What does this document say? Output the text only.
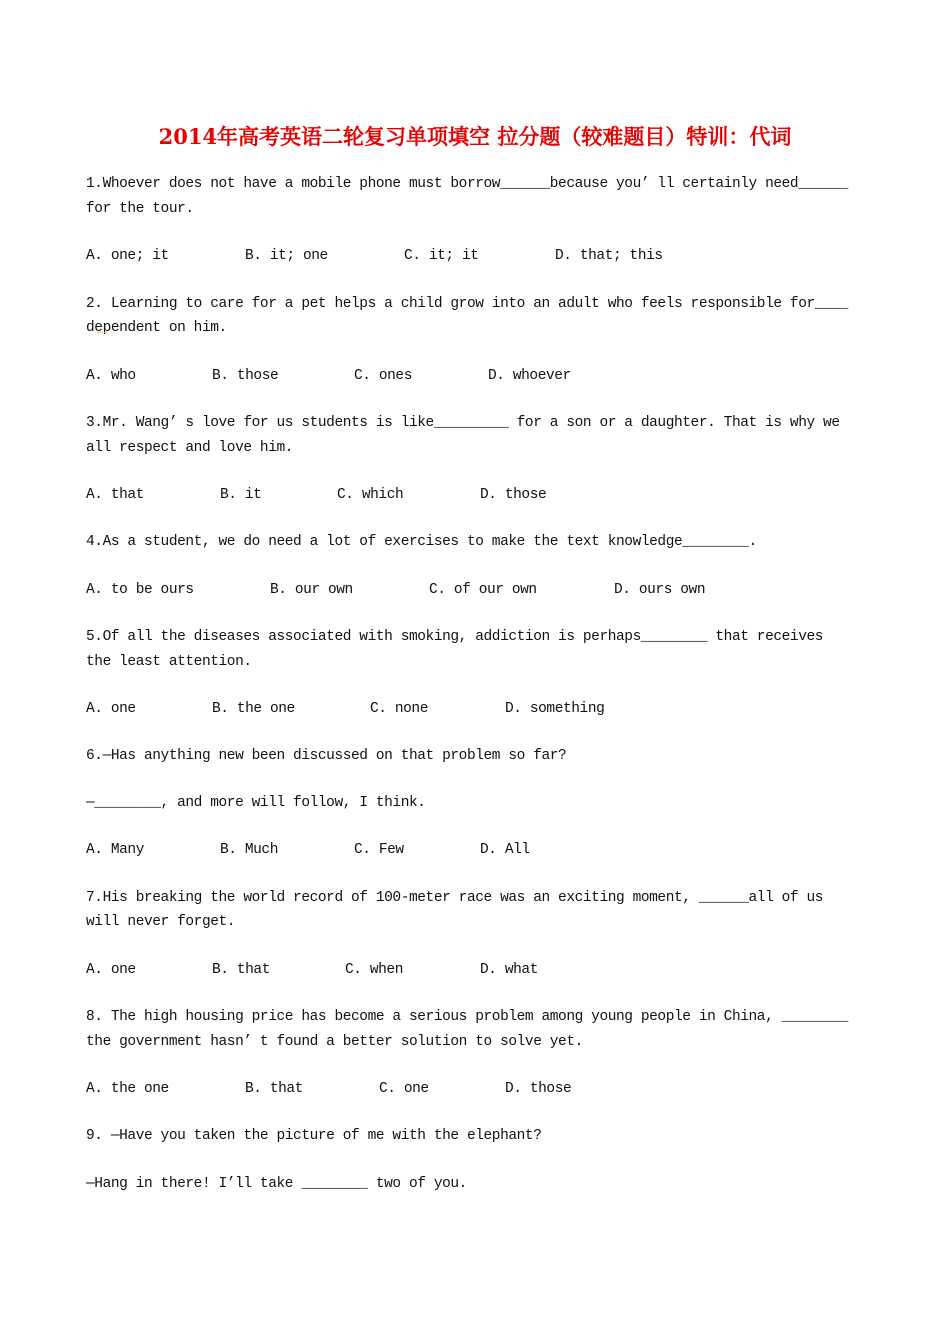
2014年高考英语二轮复习单项填空 拉分题（较难题目）特训：代词
1.Whoever does not have a mobile phone must borrow______because you’ ll certainly need______
for the tour.
A. one; it	B. it; one	C. it; it	D. that; this
2. Learning to care for a pet helps a child grow into an adult who feels responsible for____
dependent on him.
A. who	B. those	C. ones	D. whoever
3.Mr. Wang’ s love for us students is like_________ for a son or a daughter. That is why we
all respect and love him.
A. that	B. it	C. which	D. those
4.As a student, we do need a lot of exercises to make the text knowledge________.
A. to be ours	B. our own	C. of our own	D. ours own
5.Of all the diseases associated with smoking, addiction is perhaps________ that receives
the least attention.
A. one	B. the one	C. none	D. something
6.—Has anything new been discussed on that problem so far?
—________, and more will follow, I think.
A. Many	B. Much	C. Few	D. All
7.His breaking the world record of 100-meter race was an exciting moment, ______all of us
will never forget.
A. one	B. that	C. when	D. what
8. The high housing price has become a serious problem among young people in China, ________
the government hasn’ t found a better solution to solve yet.
A. the one	B. that	C. one	D. those
9. —Have you taken the picture of me with the elephant?
—Hang in there! I’ll take ________ two of you.
